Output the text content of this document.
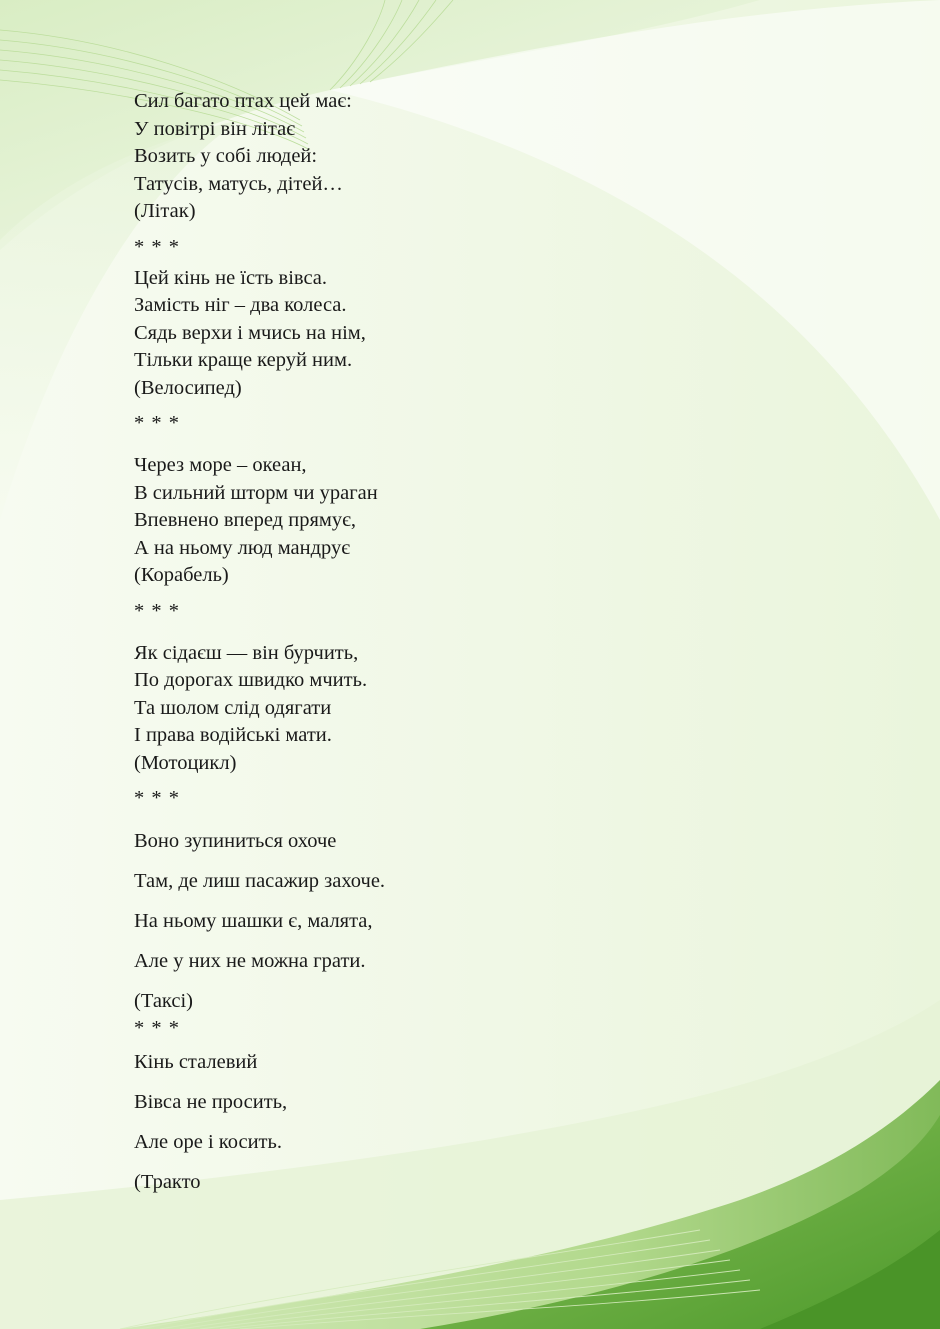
Сил багато птах цей має:
У повітрі він літає
Возить у собі людей:
Татусів, матусь, дітей…
(Літак)
* * *
Цей кінь не їсть вівса.
Замість ніг – два колеса.
Сядь верхи і мчись на нім,
Тільки краще керуй ним.
(Велосипед)
* * *
Через море – океан,
В сильний шторм чи ураган
Впевнено вперед прямує,
А на ньому люд мандрує
(Корабель)
* * *
Як сідаєш — він бурчить,
По дорогах швидко мчить.
Та шолом слід одягати
І права водійські мати.
(Мотоцикл)
* * *
Воно зупиниться охоче
Там, де лиш пасажир захоче.
На ньому шашки є, малята,
Але у них не можна грати.
(Таксі)
* * *
Кінь сталевий
Вівса не просить,
Але оре і косить.
(Тракто
